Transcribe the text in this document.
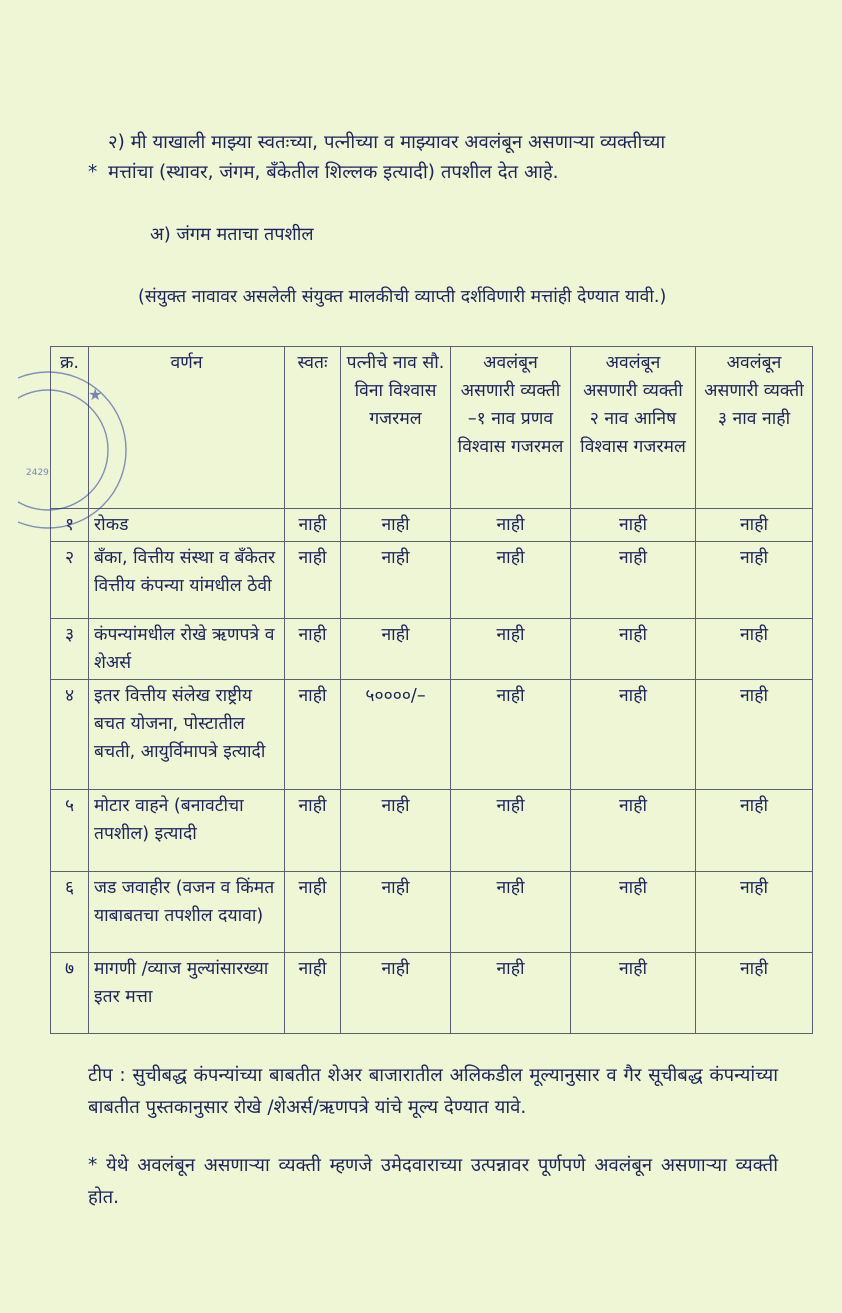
२) मी याखाली माझ्या स्वतःच्या, पत्नीच्या व माझ्यावर अवलंबून असणाऱ्या व्यक्तीच्या
* मत्तांचा (स्थावर, जंगम, बँकेतील शिल्लक इत्यादी) तपशील देत आहे.
अ) जंगम मताचा तपशील
(संयुक्त नावावर असलेली संयुक्त मालकीची व्याप्ती दर्शविणारी मत्तांही देण्यात यावी.)
क्र.	वर्णन	स्वतः	पत्नीचे नाव सौ. विना विश्वास गजरमल	अवलंबून असणारी व्यक्ती –१ नाव प्रणव विश्वास गजरमल	अवलंबून असणारी व्यक्ती २ नाव आनिष विश्वास गजरमल	अवलंबून असणारी व्यक्ती ३ नाव नाही
१	रोकड	नाही	नाही	नाही	नाही	नाही
२	बँका, वित्तीय संस्था व बँकेतर वित्तीय कंपन्या यांमधील ठेवी	नाही	नाही	नाही	नाही	नाही
३	कंपन्यांमधील रोखे ऋणपत्रे व शेअर्स	नाही	नाही	नाही	नाही	नाही
४	इतर वित्तीय संलेख राष्ट्रीय बचत योजना, पोस्टातील बचती, आयुर्विमापत्रे इत्यादी	नाही	५००००/–	नाही	नाही	नाही
५	मोटार वाहने (बनावटीचा तपशील) इत्यादी	नाही	नाही	नाही	नाही	नाही
६	जड जवाहीर (वजन व किंमत याबाबतचा तपशील दयावा)	नाही	नाही	नाही	नाही	नाही
७	मागणी /व्याज मुल्यांसारख्या इतर मत्ता	नाही	नाही	नाही	नाही	नाही
2429
★
टीप : सुचीबद्ध कंपन्यांच्या बाबतीत शेअर बाजारातील अलिकडील मूल्यानुसार व गैर सूचीबद्ध कंपन्यांच्या बाबतीत पुस्तकानुसार रोखे /शेअर्स/ऋणपत्रे यांचे मूल्य देण्यात यावे.
* येथे अवलंबून असणाऱ्या व्यक्ती म्हणजे उमेदवाराच्या उत्पन्नावर पूर्णपणे अवलंबून असणाऱ्या व्यक्ती होत.
